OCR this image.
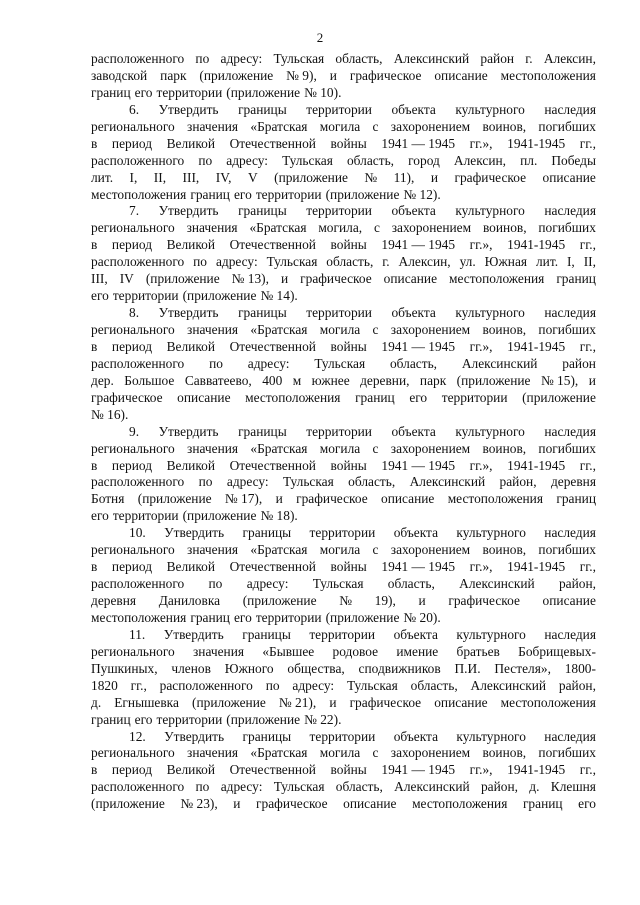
2
расположенного по адресу: Тульская область, Алексинский район г. Алексин,
заводской парк (приложение № 9), и графическое описание местоположения
границ его территории (приложение № 10).
6. Утвердить границы территории объекта культурного наследия
регионального значения «Братская могила с захоронением воинов, погибших
в период Великой Отечественной войны 1941 — 1945 гг.», 1941-1945 гг.,
расположенного по адресу: Тульская область, город Алексин, пл. Победы
лит. I, II, III, IV, V (приложение № 11), и графическое описание
местоположения границ его территории (приложение № 12).
7. Утвердить границы территории объекта культурного наследия
регионального значения «Братская могила, с захоронением воинов, погибших
в период Великой Отечественной войны 1941 — 1945 гг.», 1941-1945 гг.,
расположенного по адресу: Тульская область, г. Алексин, ул. Южная лит. I, II,
III, IV (приложение № 13), и графическое описание местоположения границ
его территории (приложение № 14).
8. Утвердить границы территории объекта культурного наследия
регионального значения «Братская могила с захоронением воинов, погибших
в период Великой Отечественной войны 1941 — 1945 гг.», 1941-1945 гг.,
расположенного по адресу: Тульская область, Алексинский район
дер. Большое Савватеево, 400 м южнее деревни, парк (приложение № 15), и
графическое описание местоположения границ его территории (приложение
№ 16).
9. Утвердить границы территории объекта культурного наследия
регионального значения «Братская могила с захоронением воинов, погибших
в период Великой Отечественной войны 1941 — 1945 гг.», 1941-1945 гг.,
расположенного по адресу: Тульская область, Алексинский район, деревня
Ботня (приложение № 17), и графическое описание местоположения границ
его территории (приложение № 18).
10. Утвердить границы территории объекта культурного наследия
регионального значения «Братская могила с захоронением воинов, погибших
в период Великой Отечественной войны 1941 — 1945 гг.», 1941-1945 гг.,
расположенного по адресу: Тульская область, Алексинский район,
деревня Даниловка (приложение № 19), и графическое описание
местоположения границ его территории (приложение № 20).
11. Утвердить границы территории объекта культурного наследия
регионального значения «Бывшее родовое имение братьев Бобрищевых-
Пушкиных, членов Южного общества, сподвижников П.И. Пестеля», 1800-
1820 гг., расположенного по адресу: Тульская область, Алексинский район,
д. Егнышевка (приложение № 21), и графическое описание местоположения
границ его территории (приложение № 22).
12. Утвердить границы территории объекта культурного наследия
регионального значения «Братская могила с захоронением воинов, погибших
в период Великой Отечественной войны 1941 — 1945 гг.», 1941-1945 гг.,
расположенного по адресу: Тульская область, Алексинский район, д. Клешня
(приложение № 23), и графическое описание местоположения границ его
